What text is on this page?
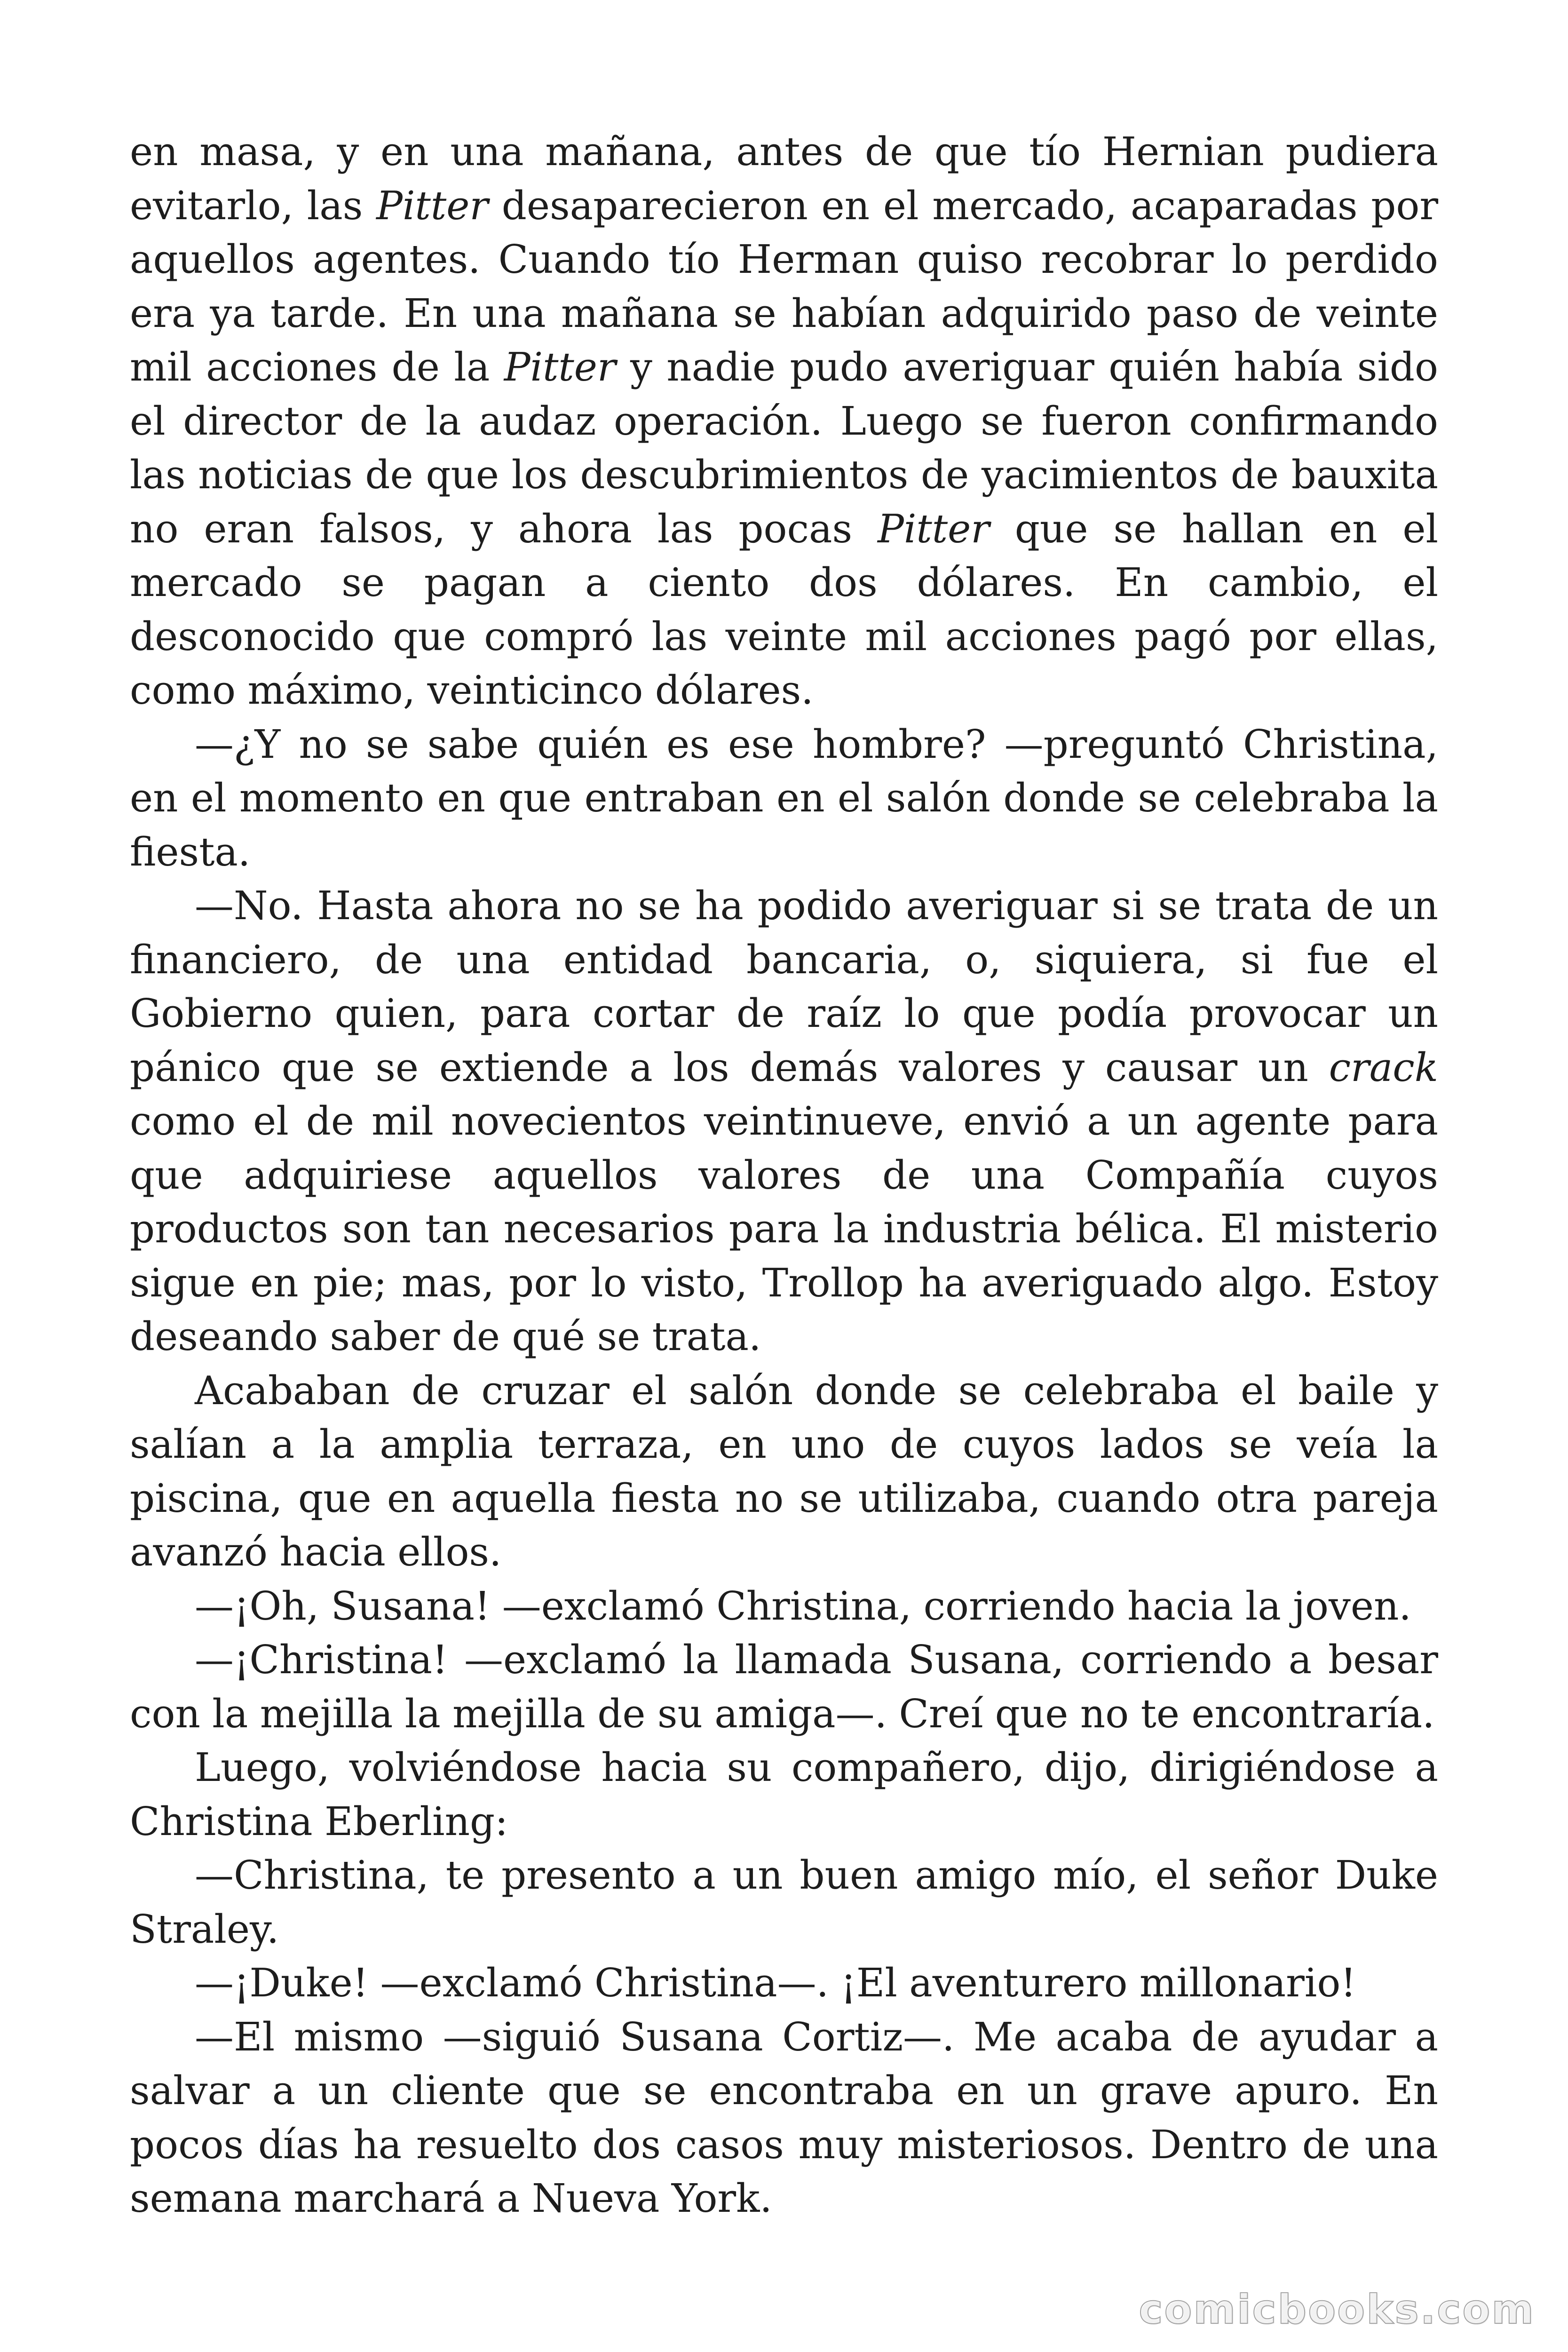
en masa, y en una mañana, antes de que tío Hernian pudiera evitarlo, las Pitter desaparecieron en el mercado, acaparadas por aquellos agentes. Cuando tío Herman quiso recobrar lo perdido era ya tarde. En una mañana se habían adquirido paso de veinte mil acciones de la Pitter y nadie pudo averiguar quién había sido el director de la audaz operación. Luego se fueron confirmando las noticias de que los descubrimientos de yacimientos de bauxita no eran falsos, y ahora las pocas Pitter que se hallan en el mercado se pagan a ciento dos dólares. En cambio, el desconocido que compró las veinte mil acciones pagó por ellas, como máximo, veinticinco dólares.

—¿Y no se sabe quién es ese hombre? —preguntó Christina, en el momento en que entraban en el salón donde se celebraba la fiesta.

—No. Hasta ahora no se ha podido averiguar si se trata de un financiero, de una entidad bancaria, o, siquiera, si fue el Gobierno quien, para cortar de raíz lo que podía provocar un pánico que se extiende a los demás valores y causar un crack como el de mil novecientos veintinueve, envió a un agente para que adquiriese aquellos valores de una Compañía cuyos productos son tan necesarios para la industria bélica. El misterio sigue en pie; mas, por lo visto, Trollop ha averiguado algo. Estoy deseando saber de qué se trata.

Acababan de cruzar el salón donde se celebraba el baile y salían a la amplia terraza, en uno de cuyos lados se veía la piscina, que en aquella fiesta no se utilizaba, cuando otra pareja avanzó hacia ellos.

—¡Oh, Susana! —exclamó Christina, corriendo hacia la joven.

—¡Christina! —exclamó la llamada Susana, corriendo a besar con la mejilla la mejilla de su amiga—. Creí que no te encontraría.

Luego, volviéndose hacia su compañero, dijo, dirigiéndose a Christina Eberling:

—Christina, te presento a un buen amigo mío, el señor Duke Straley.

—¡Duke! —exclamó Christina—. ¡El aventurero millonario!

—El mismo —siguió Susana Cortiz—. Me acaba de ayudar a salvar a un cliente que se encontraba en un grave apuro. En pocos días ha resuelto dos casos muy misteriosos. Dentro de una semana marchará a Nueva York.

comicbooks.com
